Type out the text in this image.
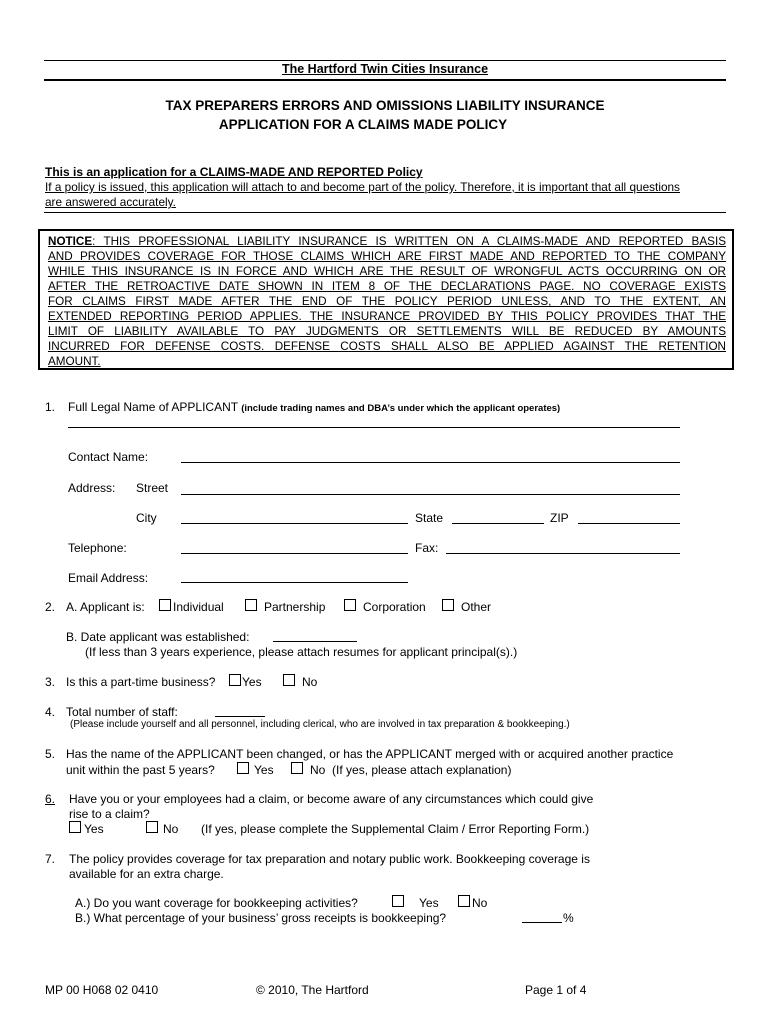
The Hartford Twin Cities Insurance
TAX PREPARERS ERRORS AND OMISSIONS LIABILITY INSURANCE
APPLICATION FOR A CLAIMS MADE POLICY
This is an application for a CLAIMS-MADE AND REPORTED Policy
If a policy is issued, this application will attach to and become part of the policy. Therefore, it is important that all questions
are answered accurately.
NOTICE: THIS PROFESSIONAL LIABILITY INSURANCE IS WRITTEN ON A CLAIMS-MADE AND REPORTED BASIS
AND PROVIDES COVERAGE FOR THOSE CLAIMS WHICH ARE FIRST MADE AND REPORTED TO THE COMPANY
WHILE THIS INSURANCE IS IN FORCE AND WHICH ARE THE RESULT OF WRONGFUL ACTS OCCURRING ON OR
AFTER THE RETROACTIVE DATE SHOWN IN ITEM 8 OF THE DECLARATIONS PAGE. NO COVERAGE EXISTS
FOR CLAIMS FIRST MADE AFTER THE END OF THE POLICY PERIOD UNLESS, AND TO THE EXTENT, AN
EXTENDED REPORTING PERIOD APPLIES. THE INSURANCE PROVIDED BY THIS POLICY PROVIDES THAT THE
LIMIT OF LIABILITY AVAILABLE TO PAY JUDGMENTS OR SETTLEMENTS WILL BE REDUCED BY AMOUNTS
INCURRED FOR DEFENSE COSTS. DEFENSE COSTS SHALL ALSO BE APPLIED AGAINST THE RETENTION
AMOUNT.
1. Full Legal Name of APPLICANT (include trading names and DBA’s under which the applicant operates)
Contact Name:
Address: Street
City	State	ZIP
Telephone:	Fax:
Email Address:
2. A. Applicant is: Individual	Partnership	Corporation	Other
B. Date applicant was established:
(If less than 3 years experience, please attach resumes for applicant principal(s).)
3. Is this a part-time business? Yes	No
4. Total number of staff:
(Please include yourself and all personnel, including clerical, who are involved in tax preparation & bookkeeping.)
5. Has the name of the APPLICANT been changed, or has the APPLICANT merged with or acquired another practice
unit within the past 5 years?	Yes	No (If yes, please attach explanation)
6. Have you or your employees had a claim, or become aware of any circumstances which could give
rise to a claim?
Yes	No (If yes, please complete the Supplemental Claim / Error Reporting Form.)
7. The policy provides coverage for tax preparation and notary public work. Bookkeeping coverage is
available for an extra charge.
A.) Do you want coverage for bookkeeping activities?	Yes	No
B.) What percentage of your business’ gross receipts is bookkeeping?	%
MP 00 H068 02 0410	© 2010, The Hartford	Page 1 of 4
